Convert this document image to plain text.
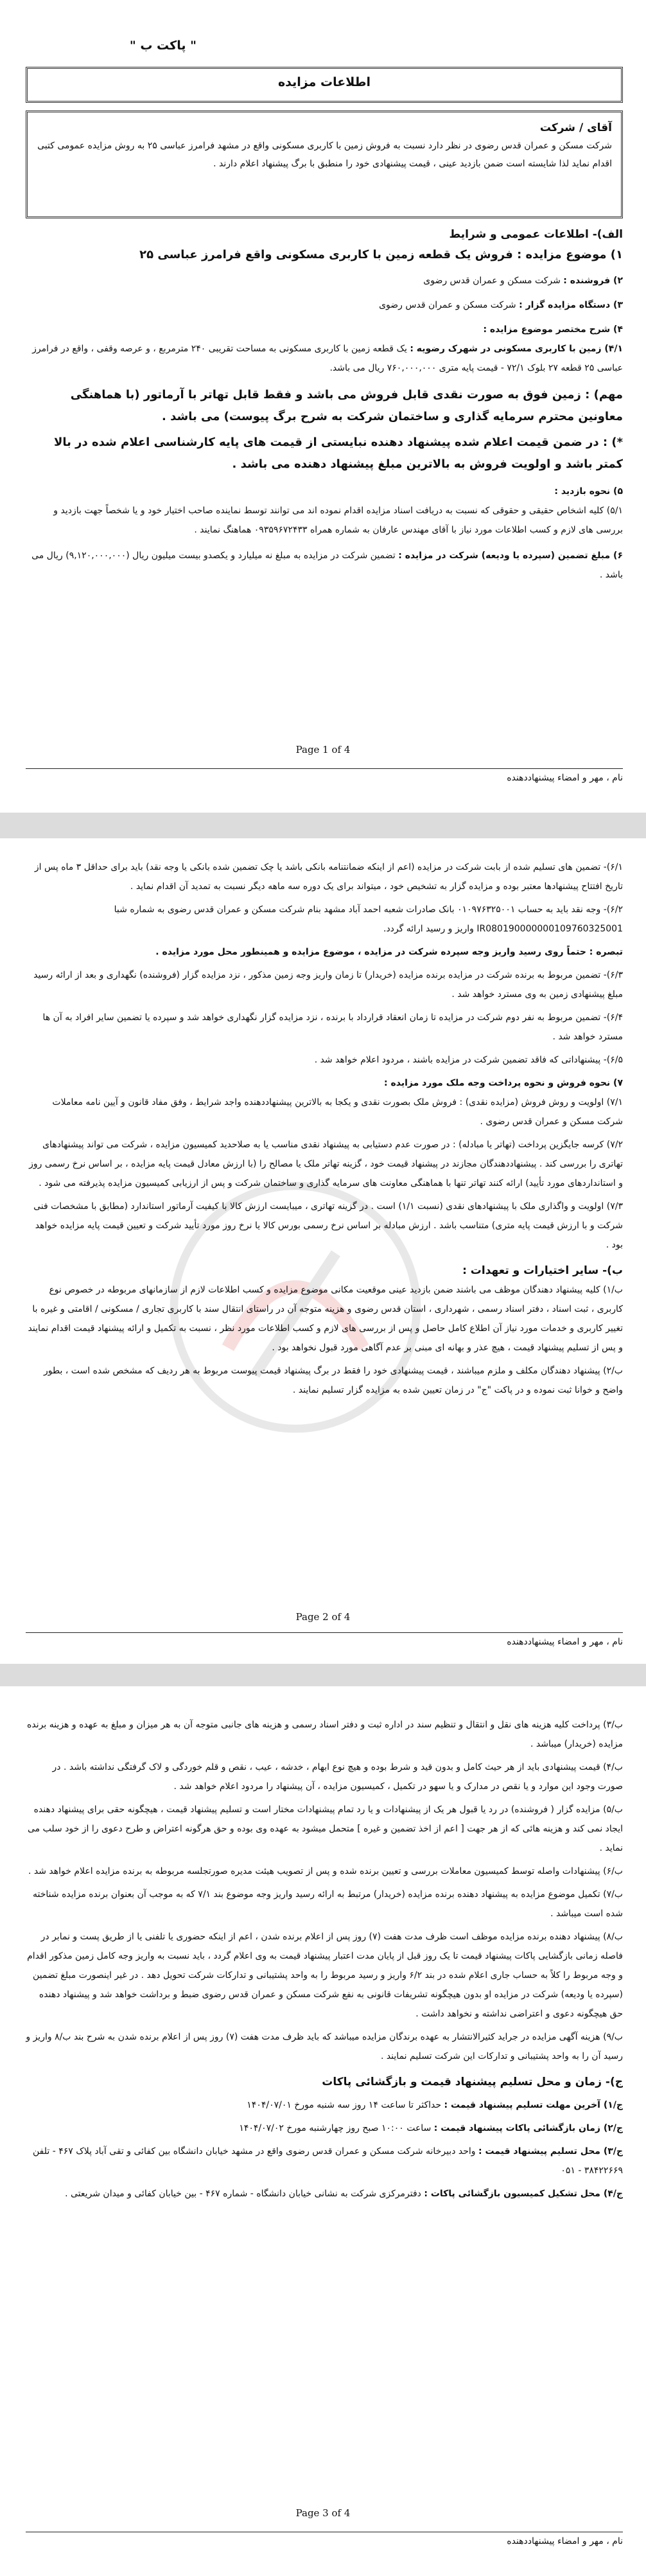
" پاکت ب "
اطلاعات مزایده

آقای / شرکت

شرکت مسکن و عمران قدس رضوی در نظر دارد نسبت به فروش زمین با کاربری مسکونی واقع در مشهد فرامرز عباسی ۲۵ به روش مزایده عمومی کتبی اقدام نماید لذا شایسته است ضمن بازدید عینی ، قیمت پیشنهادی خود را منطبق با برگ پیشنهاد اعلام دارند .

الف)- اطلاعات عمومی و شرایط

۱) موضوع مزایده : فروش یک قطعه زمین با کاربری مسکونی واقع فرامرز عباسی ۲۵

۲) فروشنده : شرکت مسکن و عمران قدس رضوی

۳) دستگاه مزایده گزار : شرکت مسکن و عمران قدس رضوی

۴) شرح مختصر موضوع مزایده :

۴/۱) زمین با کاربری مسکونی در شهرک رضویه : یک قطعه زمین با کاربری مسکونی به مساحت تقریبی ۲۴۰ مترمربع ، و عرصه وقفی ، واقع در فرامرز عباسی ۲۵ قطعه ۲۷ بلوک ۷۲/۱ - قیمت پایه متری ۷۶۰,۰۰۰,۰۰۰ ریال می باشد.

مهم) : زمین فوق به صورت نقدی قابل فروش می باشد و فقط قابل تهاتر با آرماتور (با هماهنگی معاونین محترم سرمایه گذاری و ساختمان شرکت به شرح برگ پیوست) می باشد .

*) : در ضمن قیمت اعلام شده پیشنهاد دهنده نبایستی از قیمت های پایه کارشناسی اعلام شده در بالا کمتر باشد و اولویت فروش به بالاترین مبلغ پیشنهاد دهنده می باشد .

۵) نحوه بازدید :

۵/۱) کلیه اشخاص حقیقی و حقوقی که نسبت به دریافت اسناد مزایده اقدام نموده اند می توانند توسط نماینده صاحب اختیار خود و یا شخصاً جهت بازدید و بررسی های لازم و کسب اطلاعات مورد نیاز با آقای مهندس عارفان به شماره همراه ۰۹۳۵۹۶۷۲۴۳۳ هماهنگ نمایند .

۶) مبلغ تضمین (سپرده یا ودیعه) شرکت در مزایده : تضمین شرکت در مزایده به مبلغ نه میلیارد و یکصدو بیست میلیون ریال (۹,۱۲۰,۰۰۰,۰۰۰) ریال می باشد .

Page 1 of 4
نام ، مهر و امضاء پیشنهاددهنده

۶/۱)- تضمین های تسلیم شده از بابت شرکت در مزایده (اعم از اینکه ضمانتنامه بانکی باشد یا چک تضمین شده بانکی یا وجه نقد) باید برای حداقل ۳ ماه پس از تاریخ افتتاح پیشنهادها معتبر بوده و مزایده گزار به تشخیص خود ، میتواند برای یک دوره سه ماهه دیگر نسبت به تمدید آن اقدام نماید .

۶/۲)- وجه نقد باید به حساب ۰۱۰۹۷۶۳۲۵۰۰۱ بانک صادرات شعبه احمد آباد مشهد بنام شرکت مسکن و عمران قدس رضوی به شماره شبا IR080190000000109760325001 واریز و رسید ارائه گردد.

تبصره : حتماً روی رسید واریز وجه سپرده شرکت در مزایده ، موضوع مزایده و همینطور محل مورد مزایده .

۶/۳)- تضمین مربوط به برنده شرکت در مزایده برنده مزایده (خریدار) تا زمان واریز وجه زمین مذکور ، نزد مزایده گزار (فروشنده) نگهداری و بعد از ارائه رسید مبلغ پیشنهادی زمین به وی مسترد خواهد شد .

۶/۴)- تضمین مربوط به نفر دوم شرکت در مزایده تا زمان انعقاد قرارداد با برنده ، نزد مزایده گزار نگهداری خواهد شد و سپرده یا تضمین سایر افراد به آن ها مسترد خواهد شد .

۶/۵)- پیشنهاداتی که فاقد تضمین شرکت در مزایده باشند ، مردود اعلام خواهد شد .

۷) نحوه فروش و نحوه پرداخت وجه ملک مورد مزایده :

۷/۱) اولویت و روش فروش (مزایده نقدی) : فروش ملک بصورت نقدی و یکجا به بالاترین پیشنهاددهنده واجد شرایط ، وفق مفاد قانون و آیین نامه معاملات شرکت مسکن و عمران قدس رضوی .

۷/۲) کرسه جایگزین پرداخت (تهاتر یا مبادله) : در صورت عدم دستیابی به پیشنهاد نقدی مناسب یا به صلاحدید کمیسیون مزایده ، شرکت می تواند پیشنهادهای تهاتری را بررسی کند . پیشنهاددهندگان مجازند در پیشنهاد قیمت خود ، گزینه تهاتر ملک یا مصالح را (با ارزش معادل قیمت پایه مزایده ، بر اساس نرخ رسمی روز و استانداردهای مورد تأیید) ارائه کنند تهاتر تنها با هماهنگی معاونت های سرمایه گذاری و ساختمان شرکت و پس از ارزیابی کمیسیون مزایده پذیرفته می شود .

۷/۳) اولویت و واگذاری ملک با پیشنهادهای نقدی (نسبت ۱/۱) است . در گزینه تهاتری ، میبایست ارزش کالا با کیفیت آرماتور استاندارد (مطابق با مشخصات فنی شرکت و با ارزش قیمت پایه متری) متناسب باشد . ارزش مبادله بر اساس نرخ رسمی بورس کالا یا نرخ روز مورد تأیید شرکت و تعیین قیمت پایه مزایده خواهد بود .

ب)- سایر اختیارات و تعهدات :

ب/۱) کلیه پیشنهاد دهندگان موظف می باشند ضمن بازدید عینی موقعیت مکانی موضوع مزایده و کسب اطلاعات لازم از سازمانهای مربوطه در خصوص نوع کاربری ، ثبت اسناد ، دفتر اسناد رسمی ، شهرداری ، استان قدس رضوی و هزینه متوجه آن در راستای انتقال سند با کاربری تجاری / مسکونی / اقامتی و غیره با تغییر کاربری و خدمات مورد نیاز آن اطلاع کامل حاصل و پس از بررسی های لازم و کسب اطلاعات مورد نظر ، نسبت به تکمیل و ارائه پیشنهاد قیمت اقدام نمایند و پس از تسلیم پیشنهاد قیمت ، هیچ عذر و بهانه ای مبنی بر عدم آگاهی مورد قبول نخواهد بود .

ب/۲) پیشنهاد دهندگان مکلف و ملزم میباشند ، قیمت پیشنهادی خود را فقط در برگ پیشنهاد قیمت پیوست مربوط به هر ردیف که مشخص شده است ، بطور واضح و خوانا ثبت نموده و در پاکت "ج" در زمان تعیین شده به مزایده گزار تسلیم نمایند .

Page 2 of 4
نام ، مهر و امضاء پیشنهاددهنده

ب/۳) پرداخت کلیه هزینه های نقل و انتقال و تنظیم سند در اداره ثبت و دفتر اسناد رسمی و هزینه های جانبی متوجه آن به هر میزان و مبلغ به عهده و هزینه برنده مزایده (خریدار) میباشد .

ب/۴) قیمت پیشنهادی باید از هر حیث کامل و بدون قید و شرط بوده و هیچ نوع ابهام ، خدشه ، عیب ، نقص و قلم خوردگی و لاک گرفتگی نداشته باشد . در صورت وجود این موارد و یا نقص در مدارک و یا سهو در تکمیل ، کمیسیون مزایده ، آن پیشنهاد را مردود اعلام خواهد شد .

ب/۵) مزایده گزار ( فروشنده) در رد یا قبول هر یک از پیشنهادات و یا رد تمام پیشنهادات مختار است و تسلیم پیشنهاد قیمت ، هیچگونه حقی برای پیشنهاد دهنده ایجاد نمی کند و هزینه هائی که از هر جهت [ اعم از اخذ تضمین و غیره ] متحمل میشود به عهده وی بوده و حق هرگونه اعتراض و طرح دعوی را از خود سلب می نماید .

ب/۶) پیشنهادات واصله توسط کمیسیون معاملات بررسی و تعیین برنده شده و پس از تصویب هیئت مدیره صورتجلسه مربوطه به برنده مزایده اعلام خواهد شد .

ب/۷) تکمیل موضوع مزایده به پیشنهاد دهنده برنده مزایده (خریدار) مرتبط به ارائه رسید واریز وجه موضوع بند ۷/۱ که به موجب آن بعنوان برنده مزایده شناخته شده است میباشد .

ب/۸) پیشنهاد دهنده برنده مزایده موظف است ظرف مدت هفت (۷) روز پس از اعلام برنده شدن ، اعم از اینکه حضوری یا تلفنی یا از طریق پست و نمابر در فاصله زمانی بازگشایی پاکات پیشنهاد قیمت تا یک روز قبل از پایان مدت اعتبار پیشنهاد قیمت به وی اعلام گردد ، باید نسبت به واریز وجه کامل زمین مذکور اقدام و وجه مربوط را کلاً به حساب جاری اعلام شده در بند ۶/۲ واریز و رسید مربوط را به واحد پشتیبانی و تدارکات شرکت تحویل دهد . در غیر اینصورت مبلغ تضمین (سپرده یا ودیعه) شرکت در مزایده او بدون هیچگونه تشریفات قانونی به نفع شرکت مسکن و عمران قدس رضوی ضبط و برداشت خواهد شد و پیشنهاد دهنده حق هیچگونه دعوی و اعتراضی نداشته و نخواهد داشت .

ب/۹) هزینه آگهی مزایده در جراید کثیرالانتشار به عهده برندگان مزایده میباشد که باید ظرف مدت هفت (۷) روز پس از اعلام برنده شدن به شرح بند ب/۸ واریز و رسید آن را به واحد پشتیبانی و تدارکات این شرکت تسلیم نمایند .

ج)- زمان و محل تسلیم پیشنهاد قیمت و بازگشائی پاکات

ج/۱) آخرین مهلت تسلیم پیشنهاد قیمت : حداکثر تا ساعت ۱۴ روز سه شنبه مورخ ۱۴۰۴/۰۷/۰۱

ج/۲) زمان بازگشائی پاکات پیشنهاد قیمت : ساعت ۱۰:۰۰ صبح روز چهارشنبه مورخ ۱۴۰۴/۰۷/۰۲

ج/۳) محل تسلیم پیشنهاد قیمت : واحد دبیرخانه شرکت مسکن و عمران قدس رضوی واقع در مشهد خیابان دانشگاه بین کفائی و تقی آباد پلاک ۴۶۷ - تلفن ۳۸۴۲۲۶۶۹ - ۰۵۱

ج/۴) محل تشکیل کمیسیون بازگشائی پاکات : دفترمرکزی شرکت به نشانی خیابان دانشگاه - شماره ۴۶۷ - بین خیابان کفائی و میدان شریعتی .

Page 3 of 4
نام ، مهر و امضاء پیشنهاددهنده
